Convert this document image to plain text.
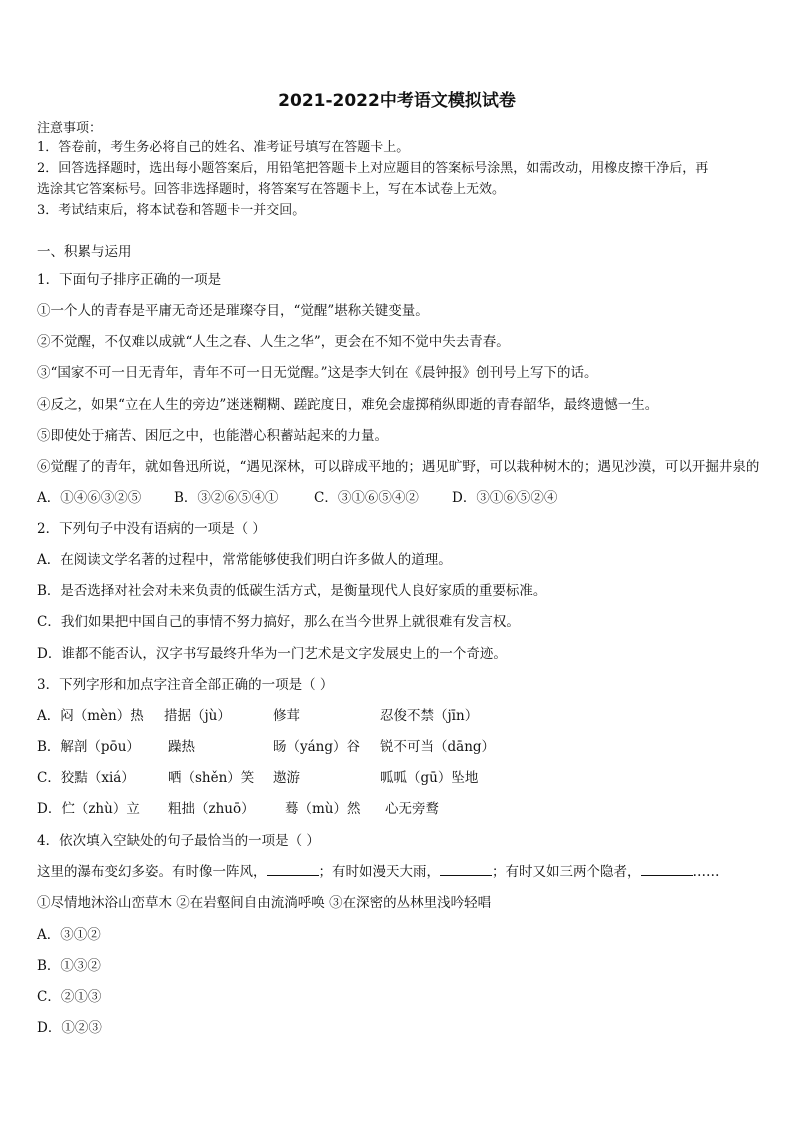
2021-2022中考语文模拟试卷
注意事项：
1．答卷前，考生务必将自己的姓名、准考证号填写在答题卡上。
2．回答选择题时，选出每小题答案后，用铅笔把答题卡上对应题目的答案标号涂黑，如需改动，用橡皮擦干净后，再
选涂其它答案标号。回答非选择题时，将答案写在答题卡上，写在本试卷上无效。
3．考试结束后，将本试卷和答题卡一并交回。
一、积累与运用
1．下面句子排序正确的一项是
①一个人的青春是平庸无奇还是璀璨夺目，“觉醒”堪称关键变量。
②不觉醒，不仅难以成就“人生之春、人生之华”，更会在不知不觉中失去青春。
③“国家不可一日无青年，青年不可一日无觉醒。”这是李大钊在《晨钟报》创刊号上写下的话。
④反之，如果“立在人生的旁边”迷迷糊糊、蹉跎度日，难免会虚掷稍纵即逝的青春韶华，最终遗憾一生。
⑤即使处于痛苦、困厄之中，也能潜心积蓄站起来的力量。
⑥觉醒了的青年，就如鲁迅所说，“遇见深林，可以辟成平地的；遇见旷野，可以栽种树木的；遇见沙漠，可以开掘井泉的
A．①④⑥③②⑤ B．③②⑥⑤④①	C．③①⑥⑤④② D．③①⑥⑤②④
2．下列句子中没有语病的一项是（ ）
A．在阅读文学名著的过程中，常常能够使我们明白许多做人的道理。
B．是否选择对社会对未来负责的低碳生活方式，是衡量现代人良好家质的重要标准。
C．我们如果把中国自己的事情不努力搞好，那么在当今世界上就很难有发言权。
D．谁都不能否认，汉字书写最终升华为一门艺术是文字发展史上的一个奇迹。
3．下列字形和加点字注音全部正确的一项是（ ）
A．闷（mèn）热 措据（jù）	修茸	忍俊不禁（jīn）
B．解剖（pōu） 躁热	旸（yáng）谷 锐不可当（dāng）
C．狡黠（xiá） 哂（shěn）笑 遨游	呱呱（gū）坠地
D．伫（zhù）立 粗拙（zhuō） 蓦（mù）然 心无旁鹜
4．依次填入空缺处的句子最恰当的一项是（ ）
这里的瀑布变幻多姿。有时像一阵风，	；有时如漫天大雨，	；有时又如三两个隐者，	……
①尽情地沐浴山峦草木 ②在岩壑间自由流淌呼唤 ③在深密的丛林里浅吟轻唱
A．③①②
B．①③②
C．②①③
D．①②③
